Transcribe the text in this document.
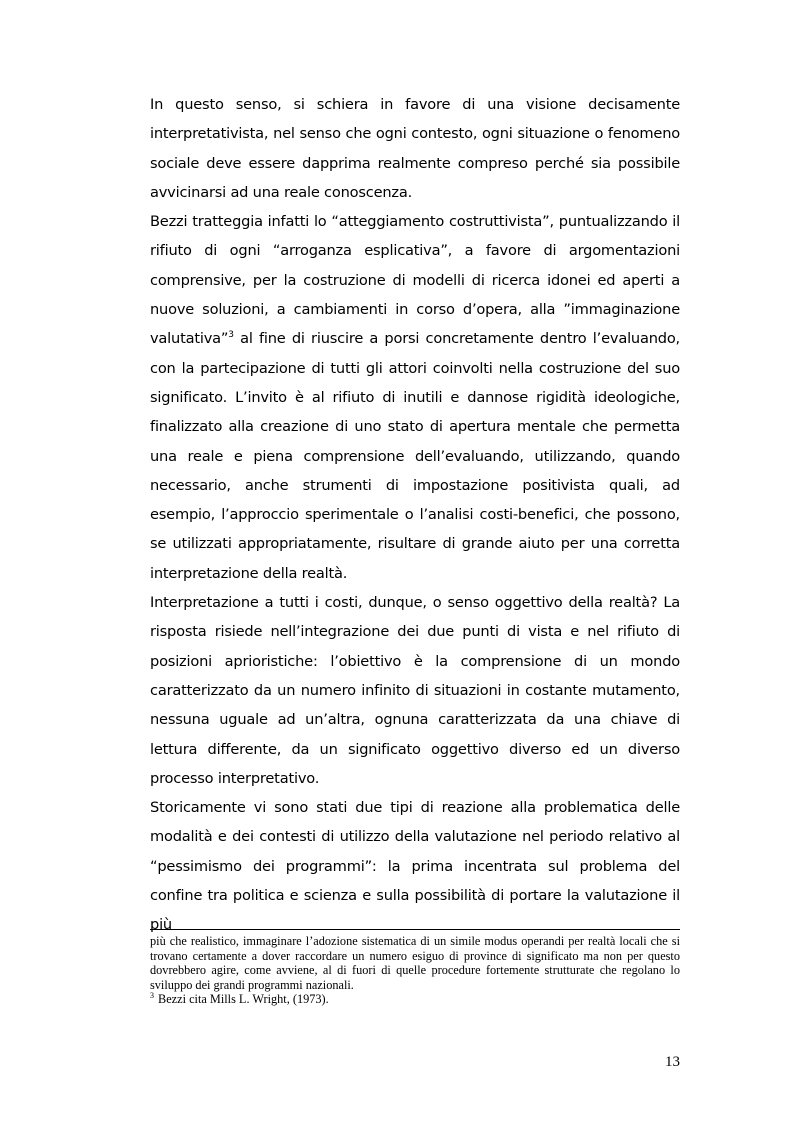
In questo senso, si schiera in favore di una visione decisamente interpretativista, nel senso che ogni contesto, ogni situazione o fenomeno sociale deve essere dapprima realmente compreso perché sia possibile avvicinarsi ad una reale conoscenza.

Bezzi tratteggia infatti lo “atteggiamento costruttivista”, puntualizzando il rifiuto di ogni “arroganza esplicativa”, a favore di argomentazioni comprensive, per la costruzione di modelli di ricerca idonei ed aperti a nuove soluzioni, a cambiamenti in corso d’opera, alla ”immaginazione valutativa”$^3$ al fine di riuscire a porsi concretamente dentro l’evaluando, con la partecipazione di tutti gli attori coinvolti nella costruzione del suo significato. L’invito è al rifiuto di inutili e dannose rigidità ideologiche, finalizzato alla creazione di uno stato di apertura mentale che permetta una reale e piena comprensione dell’evaluando, utilizzando, quando necessario, anche strumenti di impostazione positivista quali, ad esempio, l’approccio sperimentale o l’analisi costi-benefici, che possono, se utilizzati appropriatamente, risultare di grande aiuto per una corretta interpretazione della realtà.

Interpretazione a tutti i costi, dunque, o senso oggettivo della realtà? La risposta risiede nell’integrazione dei due punti di vista e nel rifiuto di posizioni aprioristiche: l’obiettivo è la comprensione di un mondo caratterizzato da un numero infinito di situazioni in costante mutamento, nessuna uguale ad un’altra, ognuna caratterizzata da una chiave di lettura differente, da un significato oggettivo diverso ed un diverso processo interpretativo.

Storicamente vi sono stati due tipi di reazione alla problematica delle modalità e dei contesti di utilizzo della valutazione nel periodo relativo al “pessimismo dei programmi”: la prima incentrata sul problema del confine tra politica e scienza e sulla possibilità di portare la valutazione il più

più che realistico, immaginare l’adozione sistematica di un simile modus operandi per realtà locali che si trovano certamente a dover raccordare un numero esiguo di province di significato ma non per questo dovrebbero agire, come avviene, al di fuori di quelle procedure fortemente strutturate che regolano lo sviluppo dei grandi programmi nazionali.

$^3$ Bezzi cita Mills L. Wright, (1973).

13
